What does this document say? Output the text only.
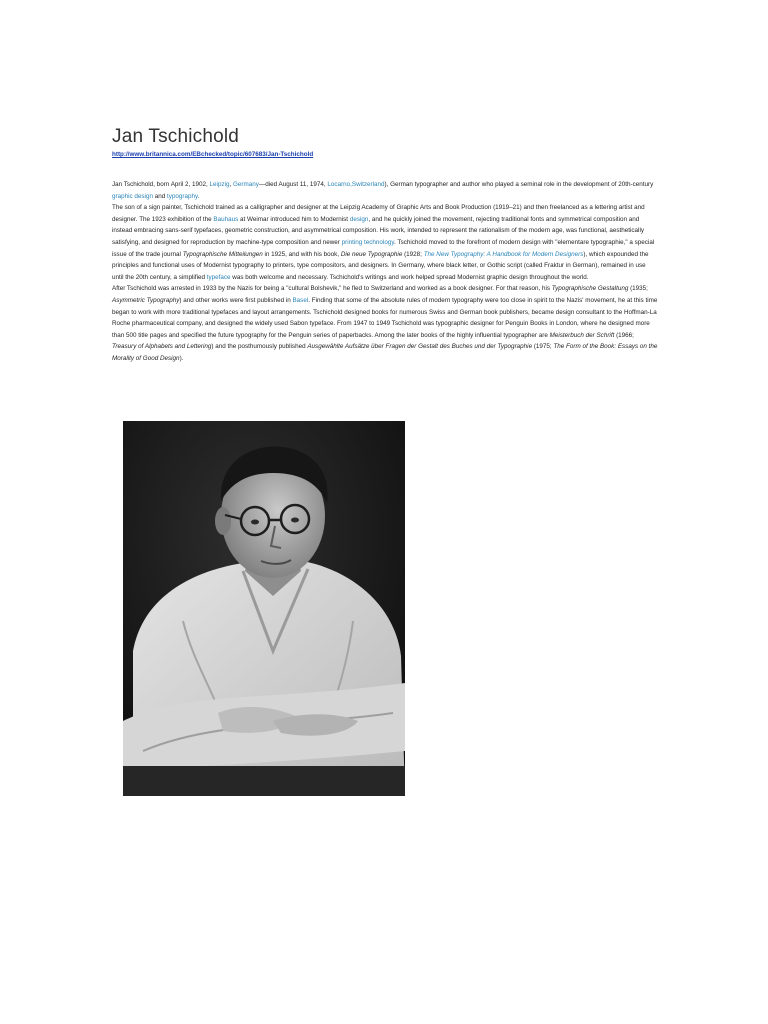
Jan Tschichold
http://www.britannica.com/EBchecked/topic/607683/Jan-Tschichold

Jan Tschichold, born April 2, 1902, Leipzig, Germany—died August 11, 1974, Locarno,Switzerland), German typographer and author who played a seminal role in the development of 20th-century graphic design and typography.

The son of a sign painter, Tschichold trained as a calligrapher and designer at the Leipzig Academy of Graphic Arts and Book Production (1919–21) and then freelanced as a lettering artist and designer. The 1923 exhibition of the Bauhaus at Weimar introduced him to Modernist design, and he quickly joined the movement, rejecting traditional fonts and symmetrical composition and instead embracing sans-serif typefaces, geometric construction, and asymmetrical composition. His work, intended to represent the rationalism of the modern age, was functional, aesthetically satisfying, and designed for reproduction by machine-type composition and newer printing technology. Tschichold moved to the forefront of modern design with "elementare typographie," a special issue of the trade journal Typographische Mitteilungen in 1925, and with his book, Die neue Typographie (1928; The New Typography: A Handbook for Modern Designers), which expounded the principles and functional uses of Modernist typography to printers, type compositors, and designers. In Germany, where black letter, or Gothic script (called Fraktur in German), remained in use until the 20th century, a simplified typeface was both welcome and necessary. Tschichold's writings and work helped spread Modernist graphic design throughout the world.

After Tschichold was arrested in 1933 by the Nazis for being a "cultural Bolshevik," he fled to Switzerland and worked as a book designer. For that reason, his Typographische Gestaltung (1935; Asymmetric Typography) and other works were first published in Basel. Finding that some of the absolute rules of modern typography were too close in spirit to the Nazis' movement, he at this time began to work with more traditional typefaces and layout arrangements. Tschichold designed books for numerous Swiss and German book publishers, became design consultant to the Hoffman-La Roche pharmaceutical company, and designed the widely used Sabon typeface. From 1947 to 1949 Tschichold was typographic designer for Penguin Books in London, where he designed more than 500 title pages and specified the future typography for the Penguin series of paperbacks. Among the later books of the highly influential typographer are Meisterbuch der Schrift (1966; Treasury of Alphabets and Lettering) and the posthumously published Ausgewählte Aufsätze über Fragen der Gestalt des Buches und der Typographie (1975; The Form of the Book: Essays on the Morality of Good Design).
